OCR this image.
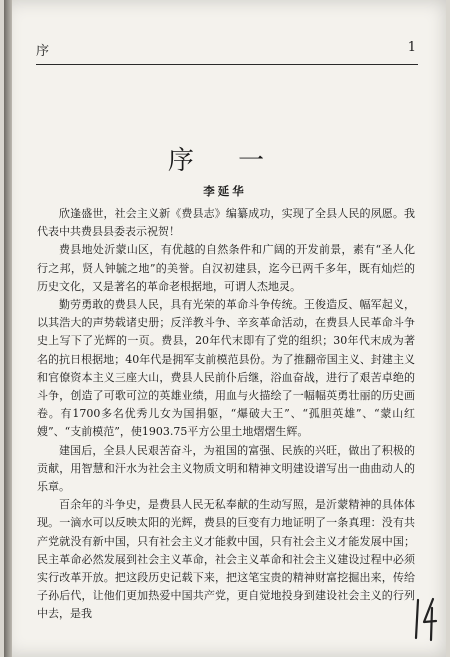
序	1
序 一
李延华

欣逢盛世，社会主义新《费县志》编纂成功，实现了全县人民的夙愿。我代表中共费县县委表示祝贺！

费县地处沂蒙山区，有优越的自然条件和广阔的开发前景，素有“圣人化行之邦，贤人钟毓之地”的美誉。自汉初建县，迄今已两千多年，既有灿烂的历史文化，又是著名的革命老根据地，可谓人杰地灵。

勤劳勇敢的费县人民，具有光荣的革命斗争传统。王俊造反、幅军起义，以其浩大的声势载诸史册；反洋教斗争、辛亥革命活动，在费县人民革命斗争史上写下了光辉的一页。费县，20年代末即有了党的组织；30年代末成为著名的抗日根据地；40年代是拥军支前模范县份。为了推翻帝国主义、封建主义和官僚资本主义三座大山，费县人民前仆后继，浴血奋战，进行了艰苦卓绝的斗争，创造了可歌可泣的英雄业绩，用血与火描绘了一幅幅英勇壮丽的历史画卷。有1700多名优秀儿女为国捐躯，“爆破大王”、“孤胆英雄”、“蒙山红嫂”、“支前模范”，使1903.75平方公里土地熠熠生辉。

建国后，全县人民艰苦奋斗，为祖国的富强、民族的兴旺，做出了积极的贡献，用智慧和汗水为社会主义物质文明和精神文明建设谱写出一曲曲动人的乐章。

百余年的斗争史，是费县人民无私奉献的生动写照，是沂蒙精神的具体体现。一滴水可以反映太阳的光辉，费县的巨变有力地证明了一条真理：没有共产党就没有新中国，只有社会主义才能救中国，只有社会主义才能发展中国；民主革命必然发展到社会主义革命，社会主义革命和社会主义建设过程中必须实行改革开放。把这段历史记载下来，把这笔宝贵的精神财富挖掘出来，传给子孙后代，让他们更加热爱中国共产党，更自觉地投身到建设社会主义的行列中去，是我
